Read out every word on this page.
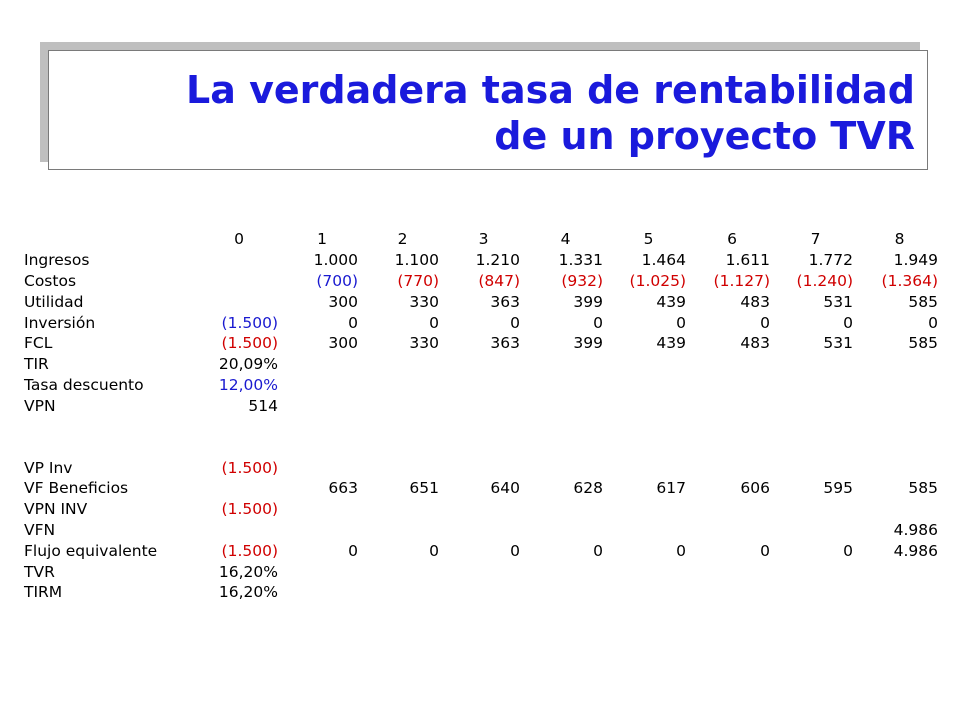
La verdadera tasa de rentabilidad
de un proyecto TVR
	0	1	2	3	4	5	6	7	8
Ingresos		1.000	1.100	1.210	1.331	1.464	1.611	1.772	1.949
Costos		(700)	(770)	(847)	(932)	(1.025)	(1.127)	(1.240)	(1.364)
Utilidad		300	330	363	399	439	483	531	585
Inversión	(1.500)	0	0	0	0	0	0	0	0
FCL	(1.500)	300	330	363	399	439	483	531	585
TIR	20,09%								
Tasa descuento	12,00%								
VPN	514								

VP Inv	(1.500)								
VF Beneficios		663	651	640	628	617	606	595	585
VPN INV	(1.500)								
VFN									4.986
Flujo equivalente	(1.500)	0	0	0	0	0	0	0	4.986
TVR	16,20%								
TIRM	16,20%								
